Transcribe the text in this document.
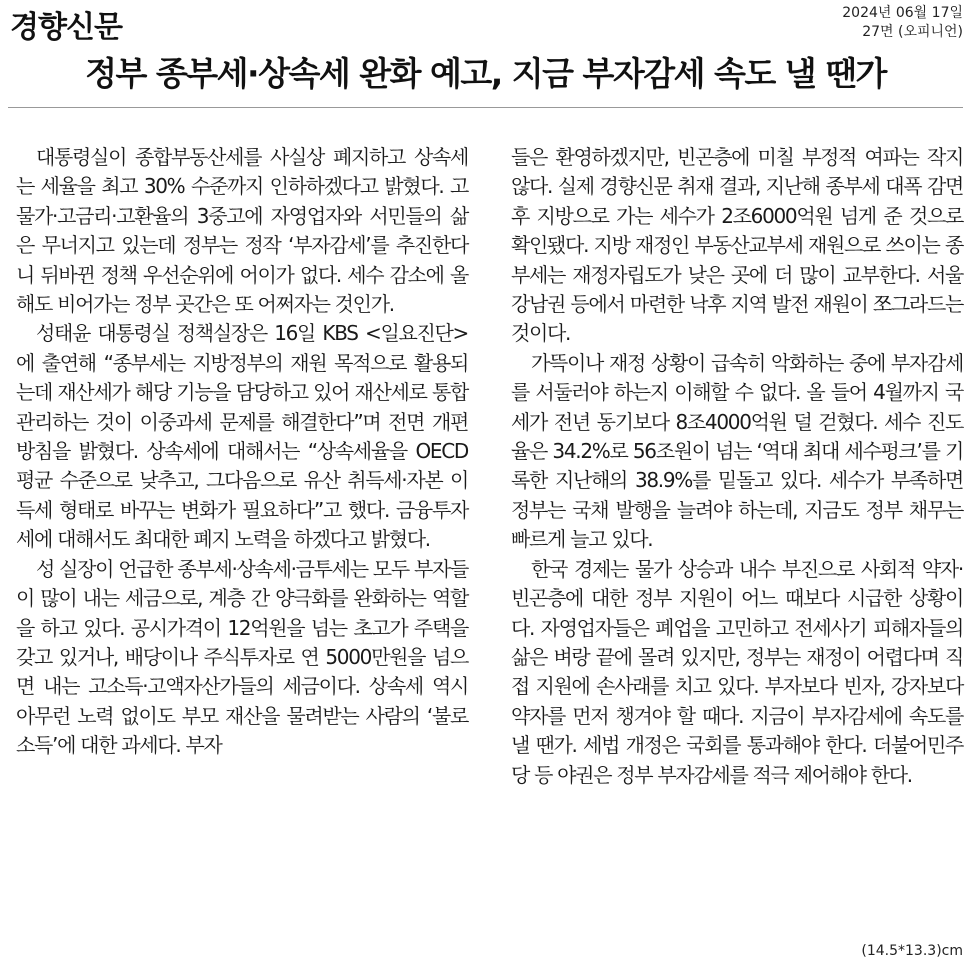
경향신문	2024년 06월 17일
27면 (오피니언)
정부 종부세·상속세 완화 예고, 지금 부자감세 속도 낼 땐가

대통령실이 종합부동산세를 사실상 폐지하고 상속세는 세율을 최고 30% 수준까지 인하하겠다고 밝혔다. 고물가·고금리·고환율의 3중고에 자영업자와 서민들의 삶은 무너지고 있는데 정부는 정작 ‘부자감세’를 추진한다니 뒤바뀐 정책 우선순위에 어이가 없다. 세수 감소에 올해도 비어가는 정부 곳간은 또 어쩌자는 것인가.

성태윤 대통령실 정책실장은 16일 KBS <일요진단>에 출연해 “종부세는 지방정부의 재원 목적으로 활용되는데 재산세가 해당 기능을 담당하고 있어 재산세로 통합 관리하는 것이 이중과세 문제를 해결한다”며 전면 개편 방침을 밝혔다. 상속세에 대해서는 “상속세율을 OECD 평균 수준으로 낮추고, 그다음으로 유산 취득세·자본 이득세 형태로 바꾸는 변화가 필요하다”고 했다. 금융투자세에 대해서도 최대한 폐지 노력을 하겠다고 밝혔다.

성 실장이 언급한 종부세·상속세·금투세는 모두 부자들이 많이 내는 세금으로, 계층 간 양극화를 완화하는 역할을 하고 있다. 공시가격이 12억원을 넘는 초고가 주택을 갖고 있거나, 배당이나 주식투자로 연 5000만원을 넘으면 내는 고소득·고액자산가들의 세금이다. 상속세 역시 아무런 노력 없이도 부모 재산을 물려받는 사람의 ‘불로소득’에 대한 과세다. 부자

들은 환영하겠지만, 빈곤층에 미칠 부정적 여파는 작지 않다. 실제 경향신문 취재 결과, 지난해 종부세 대폭 감면 후 지방으로 가는 세수가 2조6000억원 넘게 준 것으로 확인됐다. 지방 재정인 부동산교부세 재원으로 쓰이는 종부세는 재정자립도가 낮은 곳에 더 많이 교부한다. 서울 강남권 등에서 마련한 낙후 지역 발전 재원이 쪼그라드는 것이다.

가뜩이나 재정 상황이 급속히 악화하는 중에 부자감세를 서둘러야 하는지 이해할 수 없다. 올 들어 4월까지 국세가 전년 동기보다 8조4000억원 덜 걷혔다. 세수 진도율은 34.2%로 56조원이 넘는 ‘역대 최대 세수펑크’를 기록한 지난해의 38.9%를 밑돌고 있다. 세수가 부족하면 정부는 국채 발행을 늘려야 하는데, 지금도 정부 채무는 빠르게 늘고 있다.

한국 경제는 물가 상승과 내수 부진으로 사회적 약자·빈곤층에 대한 정부 지원이 어느 때보다 시급한 상황이다. 자영업자들은 폐업을 고민하고 전세사기 피해자들의 삶은 벼랑 끝에 몰려 있지만, 정부는 재정이 어렵다며 직접 지원에 손사래를 치고 있다. 부자보다 빈자, 강자보다 약자를 먼저 챙겨야 할 때다. 지금이 부자감세에 속도를 낼 땐가. 세법 개정은 국회를 통과해야 한다. 더불어민주당 등 야권은 정부 부자감세를 적극 제어해야 한다.

(14.5*13.3)cm
